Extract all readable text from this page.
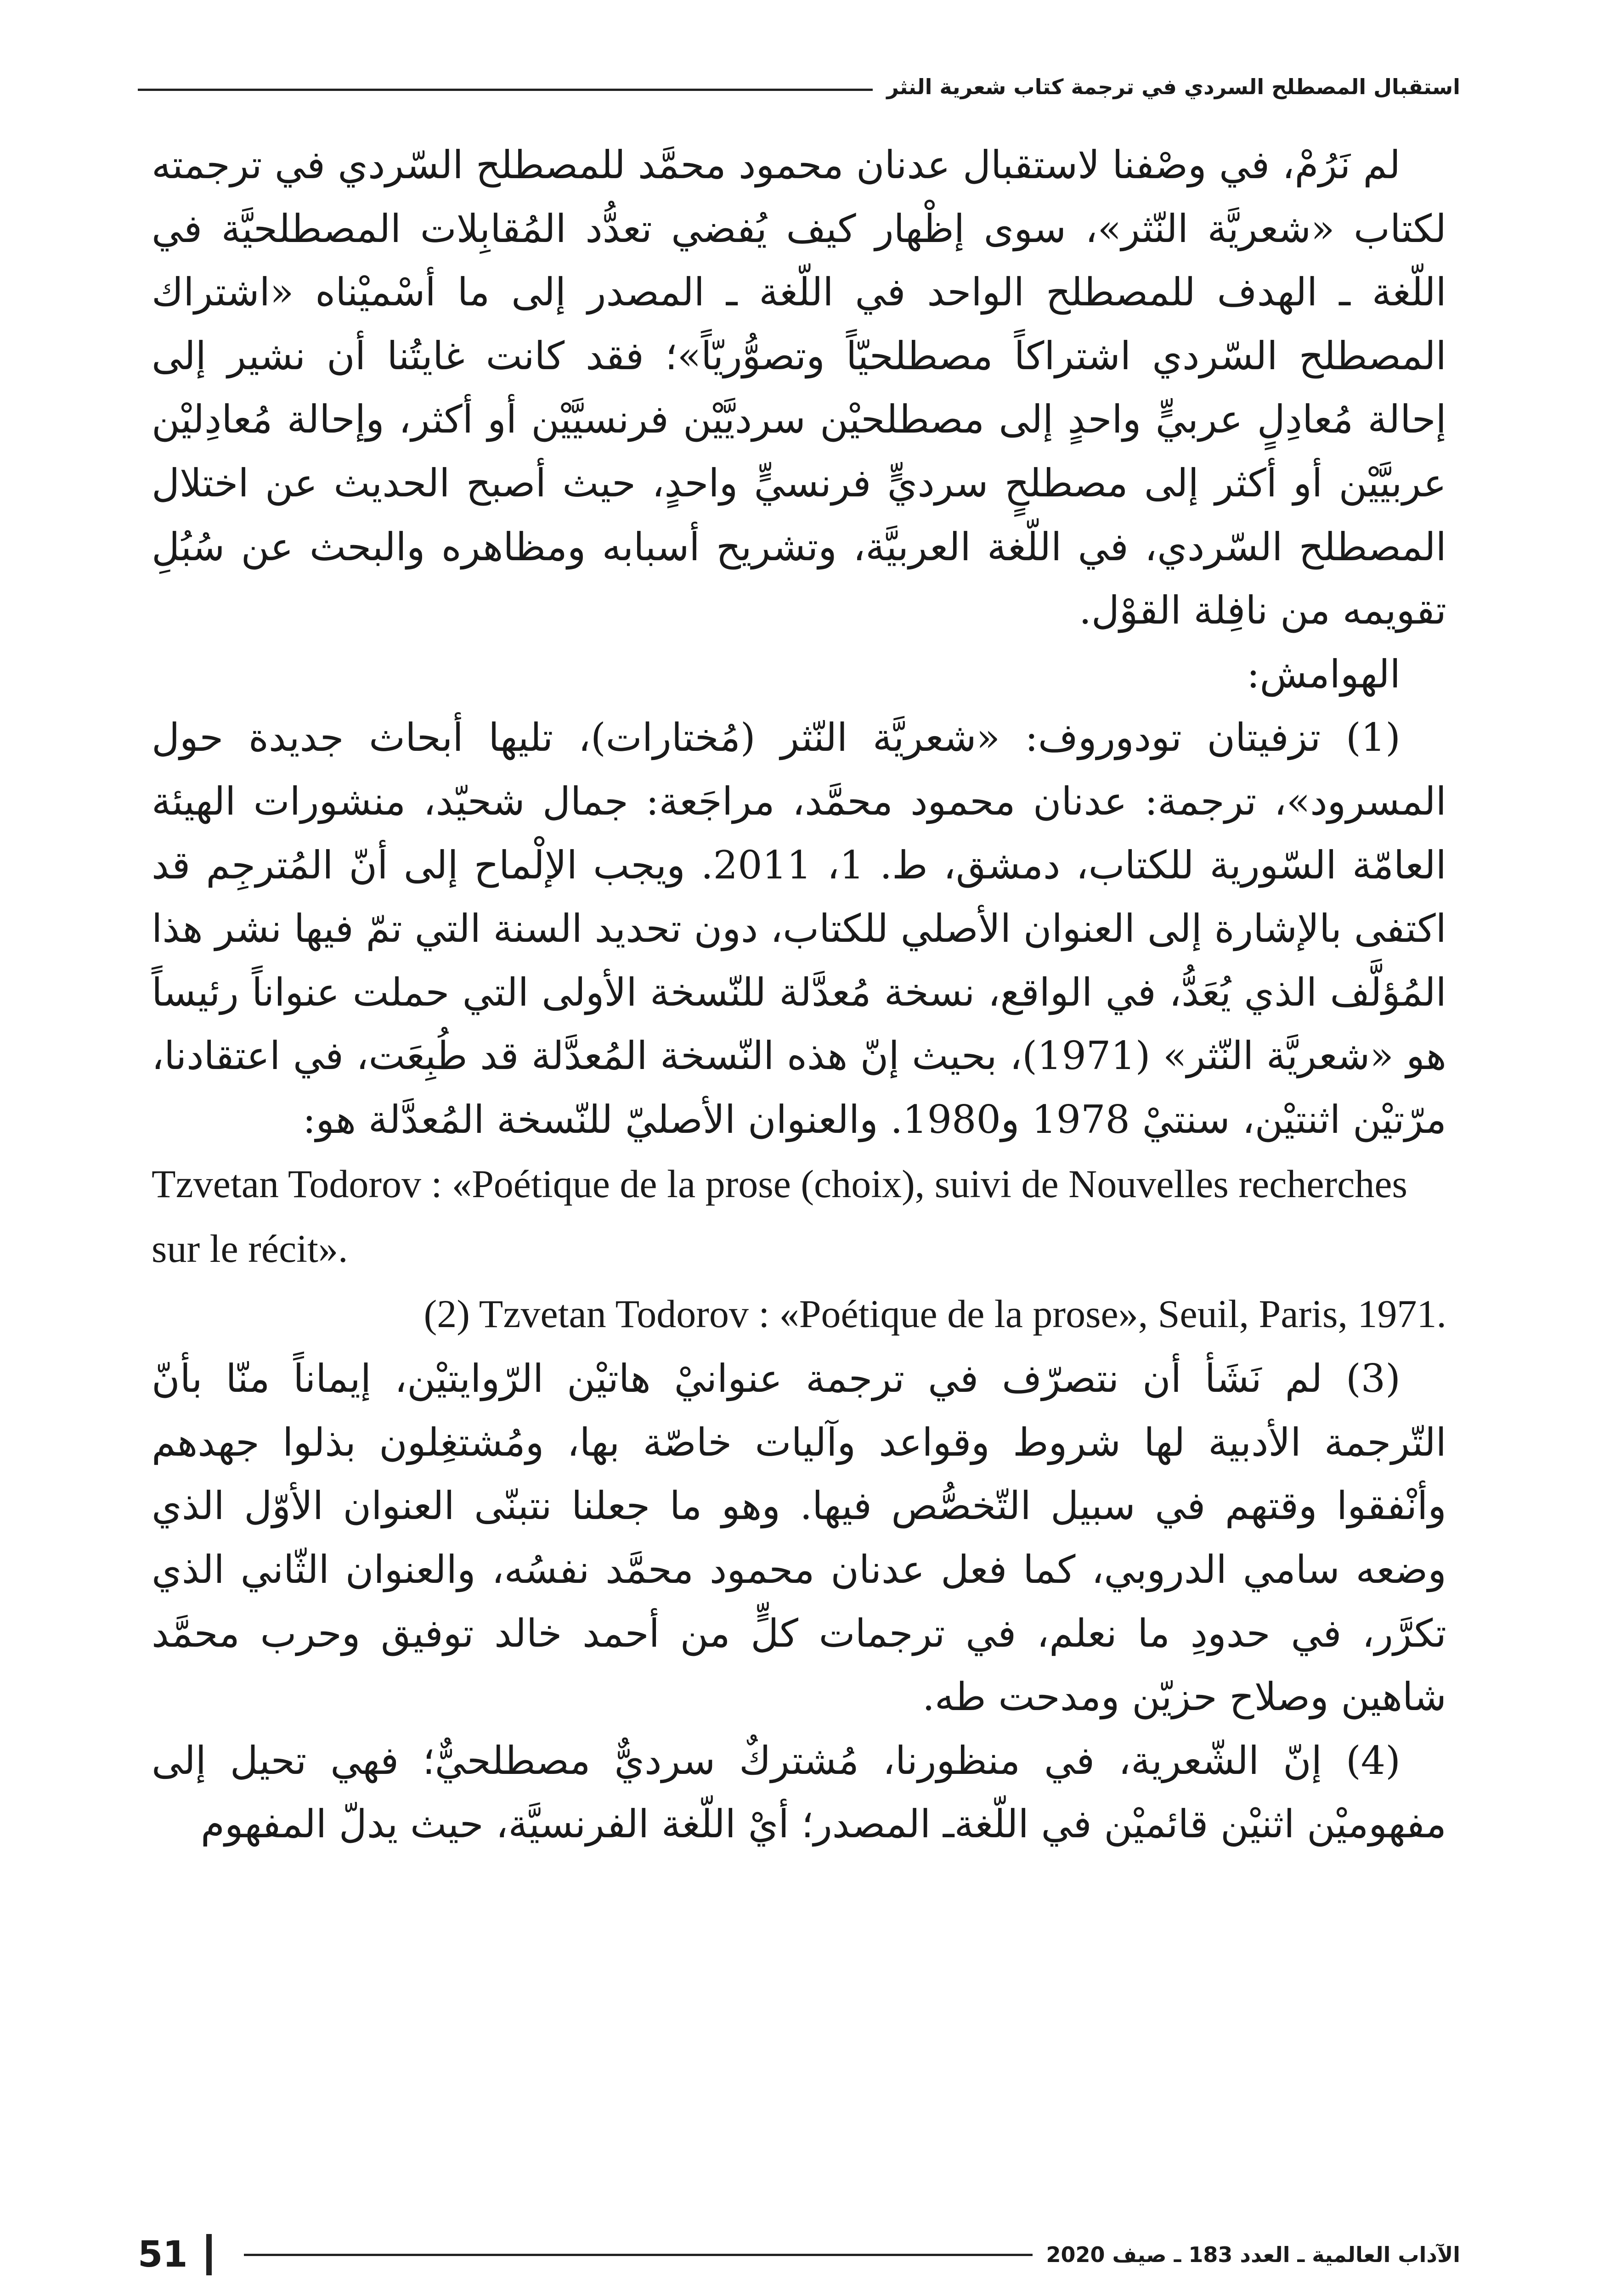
استقبال المصطلح السردي في ترجمة كتاب شعرية النثر

لم نَرُمْ، في وصْفنا لاستقبال عدنان محمود محمَّد للمصطلح السّردي في ترجمته لكتاب «شعريَّة النّثر»، سوى إظْهار كيف يُفضي تعدُّد المُقابِلات المصطلحيَّة في اللّغة ـ الهدف للمصطلح الواحد في اللّغة ـ المصدر إلى ما أسْميْناه «اشتراك المصطلح السّردي اشتراكاً مصطلحيّاً وتصوُّريّاً»؛ فقد كانت غايتُنا أن نشير إلى إحالة مُعادِلٍ عربيٍّ واحدٍ إلى مصطلحيْن سرديَّيْن فرنسيَّيْن أو أكثر، وإحالة مُعادِليْن عربيَّيْن أو أكثر إلى مصطلحٍ سرديٍّ فرنسيٍّ واحدٍ، حيث أصبح الحديث عن اختلال المصطلح السّردي، في اللّغة العربيَّة، وتشريح أسبابه ومظاهره والبحث عن سُبُلِ تقويمه من نافِلة القوْل.

الهوامش:

(1) تزفيتان تودوروف: «شعريَّة النّثر (مُختارات)، تليها أبحاث جديدة حول المسرود»، ترجمة: عدنان محمود محمَّد، مراجَعة: جمال شحيّد، منشورات الهيئة العامّة السّورية للكتاب، دمشق، ط. 1، 2011. ويجب الإلْماح إلى أنّ المُترجِم قد اكتفى بالإشارة إلى العنوان الأصلي للكتاب، دون تحديد السنة التي تمّ فيها نشر هذا المُؤلَّف الذي يُعَدُّ، في الواقع، نسخة مُعدَّلة للنّسخة الأولى التي حملت عنواناً رئيساً هو «شعريَّة النّثر» (1971)، بحيث إنّ هذه النّسخة المُعدَّلة قد طُبِعَت، في اعتقادنا، مرّتيْن اثنتيْن، سنتيْ 1978 و1980. والعنوان الأصليّ للنّسخة المُعدَّلة هو:

Tzvetan Todorov : «Poétique de la prose (choix), suivi de Nouvelles recherches sur le récit».

(2) Tzvetan Todorov : «Poétique de la prose», Seuil, Paris, 1971.

(3) لم نَشَأ أن نتصرّف في ترجمة عنوانيْ هاتيْن الرّوايتيْن، إيماناً منّا بأنّ التّرجمة الأدبية لها شروط وقواعد وآليات خاصّة بها، ومُشتغِلون بذلوا جهدهم وأنْفقوا وقتهم في سبيل التّخصُّص فيها. وهو ما جعلنا نتبنّى العنوان الأوّل الذي وضعه سامي الدروبي، كما فعل عدنان محمود محمَّد نفسُه، والعنوان الثّاني الذي تكرَّر، في حدودِ ما نعلم، في ترجمات كلٍّ من أحمد خالد توفيق وحرب محمَّد شاهين وصلاح حزيّن ومدحت طه.

(4) إنّ الشّعرية، في منظورنا، مُشتركٌ سرديٌّ مصطلحيٌّ؛ فهي تحيل إلى مفهوميْن اثنيْن قائميْن في اللّغةـ المصدر؛ أيْ اللّغة الفرنسيَّة، حيث يدلّ المفهوم

51	الآداب العالمية ـ العدد 183 ـ صيف 2020
